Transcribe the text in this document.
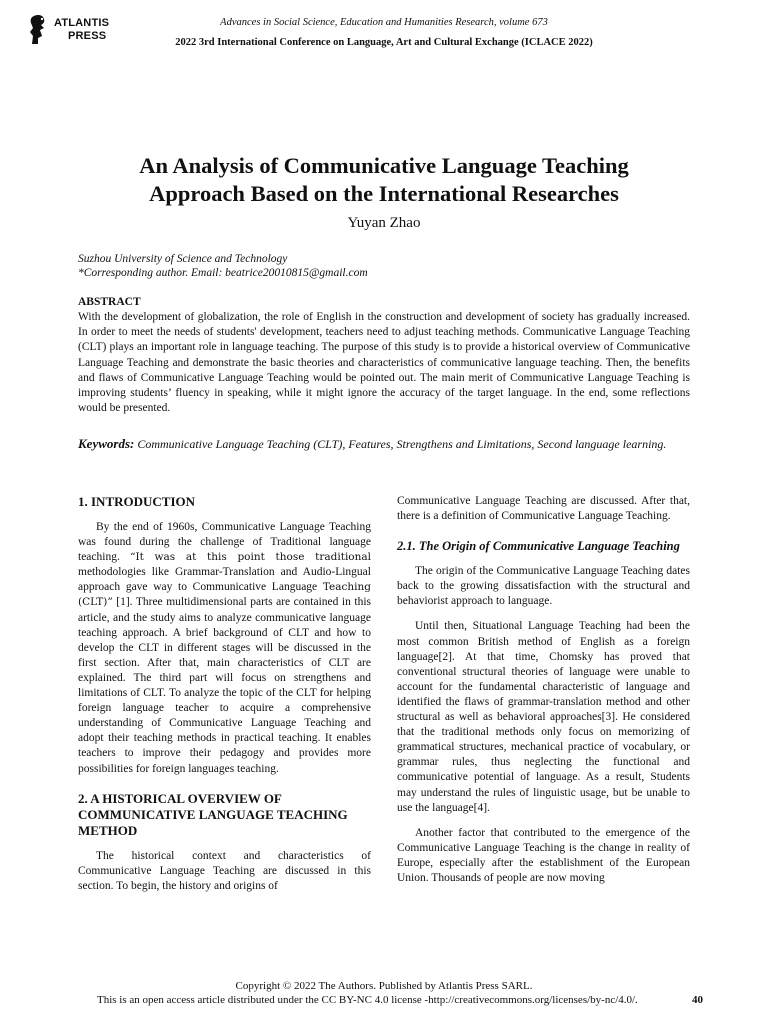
ATLANTIS
PRESS
Advances in Social Science, Education and Humanities Research, volume 673
2022 3rd International Conference on Language, Art and Cultural Exchange (ICLACE 2022)
An Analysis of Communicative Language Teaching
Approach Based on the International Researches
Yuyan Zhao
Suzhou University of Science and Technology
*Corresponding author. Email: beatrice20010815@gmail.com
ABSTRACT

With the development of globalization, the role of English in the construction and development of society has gradually increased. In order to meet the needs of students' development, teachers need to adjust teaching methods. Communicative Language Teaching (CLT) plays an important role in language teaching. The purpose of this study is to provide a historical overview of Communicative Language Teaching and demonstrate the basic theories and characteristics of communicative language teaching. Then, the benefits and flaws of Communicative Language Teaching would be pointed out. The main merit of Communicative Language Teaching is improving students’ fluency in speaking, while it might ignore the accuracy of the target language. In the end, some reflections would be presented.

Keywords: Communicative Language Teaching (CLT), Features, Strengthens and Limitations, Second language learning.

1. INTRODUCTION

By the end of 1960s, Communicative Language Teaching was found during the challenge of Traditional language teaching. “It was at this point those traditional methodologies like Grammar-Translation and Audio-Lingual approach gave way to Communicative Language Teaching (CLT)” [1]. Three multidimensional parts are contained in this article, and the study aims to analyze communicative language teaching approach. A brief background of CLT and how to develop the CLT in different stages will be discussed in the first section. After that, main characteristics of CLT are explained. The third part will focus on strengthens and limitations of CLT. To analyze the topic of the CLT for helping foreign language teacher to acquire a comprehensive understanding of Communicative Language Teaching and adopt their teaching methods in practical teaching. It enables teachers to improve their pedagogy and provides more possibilities for foreign languages teaching.

2. A HISTORICAL OVERVIEW OF COMMUNICATIVE LANGUAGE TEACHING METHOD

The historical context and characteristics of Communicative Language Teaching are discussed in this section. To begin, the history and origins of

Communicative Language Teaching are discussed. After that, there is a definition of Communicative Language Teaching.

2.1. The Origin of Communicative Language Teaching

The origin of the Communicative Language Teaching dates back to the growing dissatisfaction with the structural and behaviorist approach to language.

Until then, Situational Language Teaching had been the most common British method of English as a foreign language[2]. At that time, Chomsky has proved that conventional structural theories of language were unable to account for the fundamental characteristic of language and identified the flaws of grammar-translation method and other structural as well as behavioral approaches[3]. He considered that the traditional methods only focus on memorizing of grammatical structures, mechanical practice of vocabulary, or grammar rules, thus neglecting the functional and communicative potential of language. As a result, Students may understand the rules of linguistic usage, but be unable to use the language[4].

Another factor that contributed to the emergence of the Communicative Language Teaching is the change in reality of Europe, especially after the establishment of the European Union. Thousands of people are now moving

Copyright © 2022 The Authors. Published by Atlantis Press SARL.
This is an open access article distributed under the CC BY-NC 4.0 license -http://creativecommons.org/licenses/by-nc/4.0/.	40
